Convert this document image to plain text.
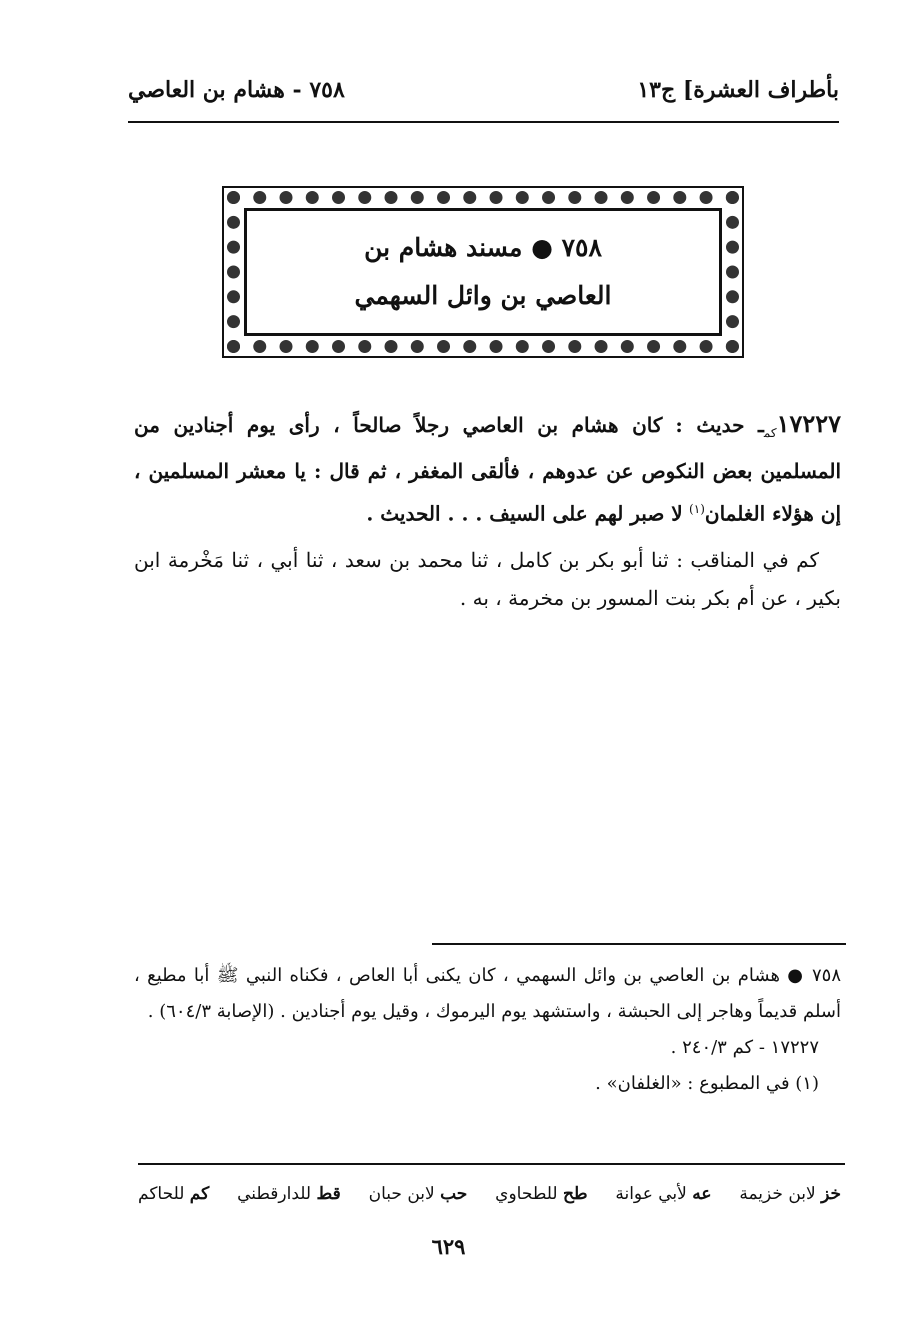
٧٥٨ - هشام بن العاصي	بأطراف العشرة] ج١٣
٧٥٨ ● مسند هشام بن
العاصي بن وائل السهمي

$١٧٢٢٧_{كم}ـ$ حديث : كان هشام بن العاصي رجلاً صالحاً ، رأى يوم أجنادين من المسلمين بعض النكوص عن عدوهم ، فألقى المغفر ، ثم قال : يا معشر المسلمين ، إن هؤلاء الغلمان$^{(١)}$ لا صبر لهم على السيف . . . الحديث .

كم في المناقب : ثنا أبو بكر بن كامل ، ثنا محمد بن سعد ، ثنا أبي ، ثنا مَخْرمة ابن بكير ، عن أم بكر بنت المسور بن مخرمة ، به .

٧٥٨ ● هشام بن العاصي بن وائل السهمي ، كان يكنى أبا العاص ، فكناه النبي ﷺ أبا مطيع ، أسلم قديماً وهاجر إلى الحبشة ، واستشهد يوم اليرموك ، وقيل يوم أجنادين . (الإصابة ٦٠٤/٣) .

١٧٢٢٧ - كم ٢٤٠/٣ .

(١) في المطبوع : «الغلفان» .

خز لابن خزيمة
عه لأبي عوانة
طح للطحاوي
حب لابن حبان
قط للدارقطني
كم للحاكم
٦٢٩
